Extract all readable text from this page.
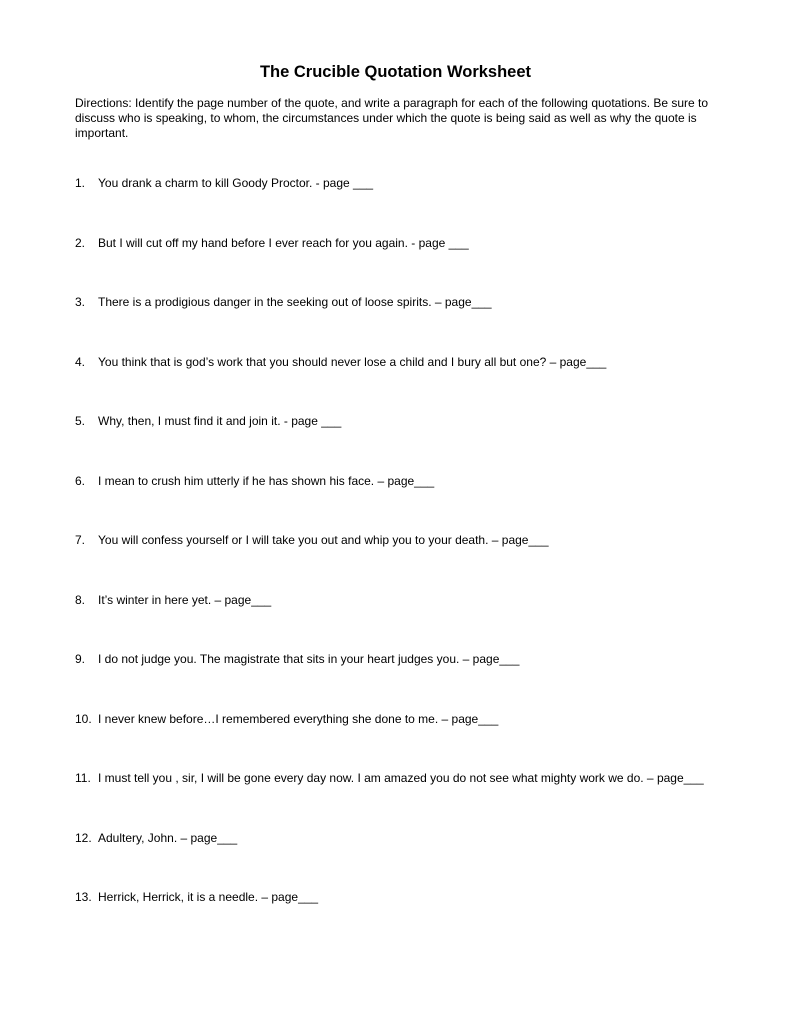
The Crucible Quotation Worksheet

Directions: Identify the page number of the quote, and write a paragraph for each of the following quotations. Be sure to discuss who is speaking, to whom, the circumstances under which the quote is being said as well as why the quote is important.

1.	You drank a charm to kill Goody Proctor. - page ___
2.	But I will cut off my hand before I ever reach for you again. - page ___
3.	There is a prodigious danger in the seeking out of loose spirits. – page___
4.	You think that is god’s work that you should never lose a child and I bury all but one? – page___
5.	Why, then, I must find it and join it. - page ___
6.	I mean to crush him utterly if he has shown his face. – page___
7.	You will confess yourself or I will take you out and whip you to your death. – page___
8.	It’s winter in here yet. – page___
9.	I do not judge you. The magistrate that sits in your heart judges you. – page___
10. I never knew before…I remembered everything she done to me. – page___
11. I must tell you , sir, I will be gone every day now. I am amazed you do not see what mighty work we do. – page___
12. Adultery, John. – page___
13. Herrick, Herrick, it is a needle. – page___
